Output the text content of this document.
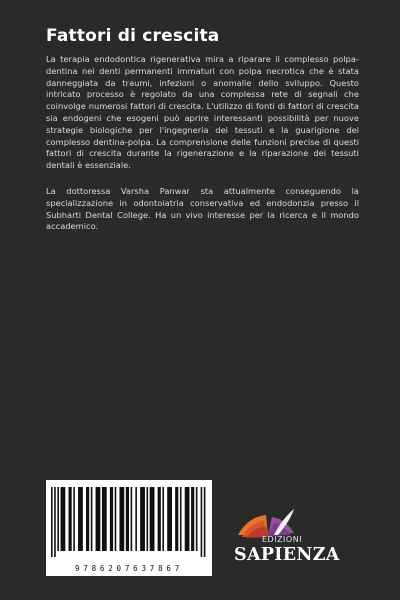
Fattori di crescita

La terapia endodontica rigenerativa mira a riparare il complesso polpa-dentina nei denti permanenti immaturi con polpa necrotica che è stata danneggiata da traumi, infezioni o anomalie dello sviluppo. Questo intricato processo è regolato da una complessa rete di segnali che coinvolge numerosi fattori di crescita. L'utilizzo di fonti di fattori di crescita sia endogeni che esogeni può aprire interessanti possibilità per nuove strategie biologiche per l'ingegneria dei tessuti e la guarigione del complesso dentina-polpa. La comprensione delle funzioni precise di questi fattori di crescita durante la rigenerazione e la riparazione dei tessuti dentali è essenziale.

La dottoressa Varsha Panwar sta attualmente conseguendo la specializzazione in odontoiatria conservativa ed endodonzia presso il Subharti Dental College. Ha un vivo interesse per la ricerca e il mondo accademico.

9786207637867
EDIZIONI
SAPIENZA
